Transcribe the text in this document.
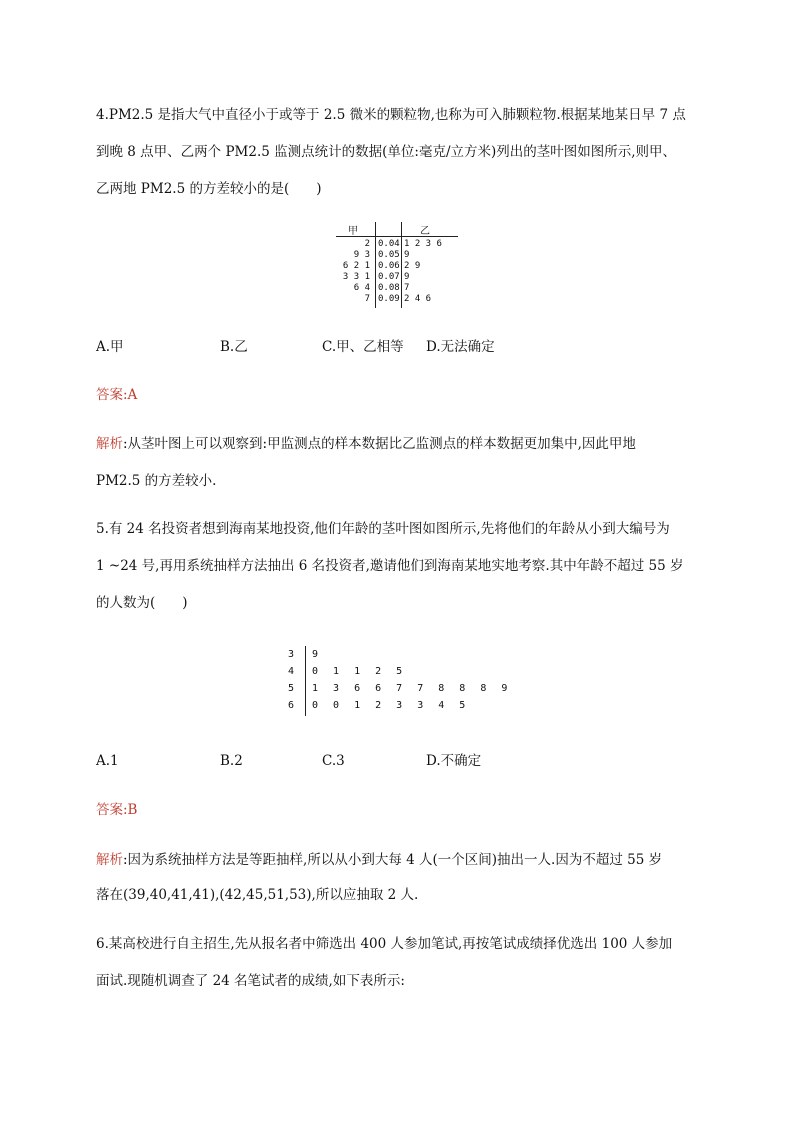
4.PM2.5 是指大气中直径小于或等于 2.5 微米的颗粒物,也称为可入肺颗粒物.根据某地某日早 7 点
到晚 8 点甲、乙两个 PM2.5 监测点统计的数据(单位:毫克/立方米)列出的茎叶图如图所示,则甲、
乙两地 PM2.5 的方差较小的是(　　)
甲	乙
2 0.04 1 2 3 6
9 3 0.05 9
6 2 1 0.06 2 9
3 3 1 0.07 9
6 4 0.08 7
7 0.09 2 4 6
A.甲	B.乙	C.甲、乙相等 D.无法确定
答案:A
解析:从茎叶图上可以观察到:甲监测点的样本数据比乙监测点的样本数据更加集中,因此甲地
PM2.5 的方差较小.
5.有 24 名投资者想到海南某地投资,他们年龄的茎叶图如图所示,先将他们的年龄从小到大编号为
1 ~24 号,再用系统抽样方法抽出 6 名投资者,邀请他们到海南某地实地考察.其中年龄不超过 55 岁
的人数为(　　)
3 9
4 0 1 1 2 5
5 1 3 6 6 7 7 8 8 8 9
6 0 0 1 2 3 3 4 5
A.1	B.2	C.3	D.不确定
答案:B
解析:因为系统抽样方法是等距抽样,所以从小到大每 4 人(一个区间)抽出一人.因为不超过 55 岁
落在(39,40,41,41),(42,45,51,53),所以应抽取 2 人.
6.某高校进行自主招生,先从报名者中筛选出 400 人参加笔试,再按笔试成绩择优选出 100 人参加
面试.现随机调查了 24 名笔试者的成绩,如下表所示:
